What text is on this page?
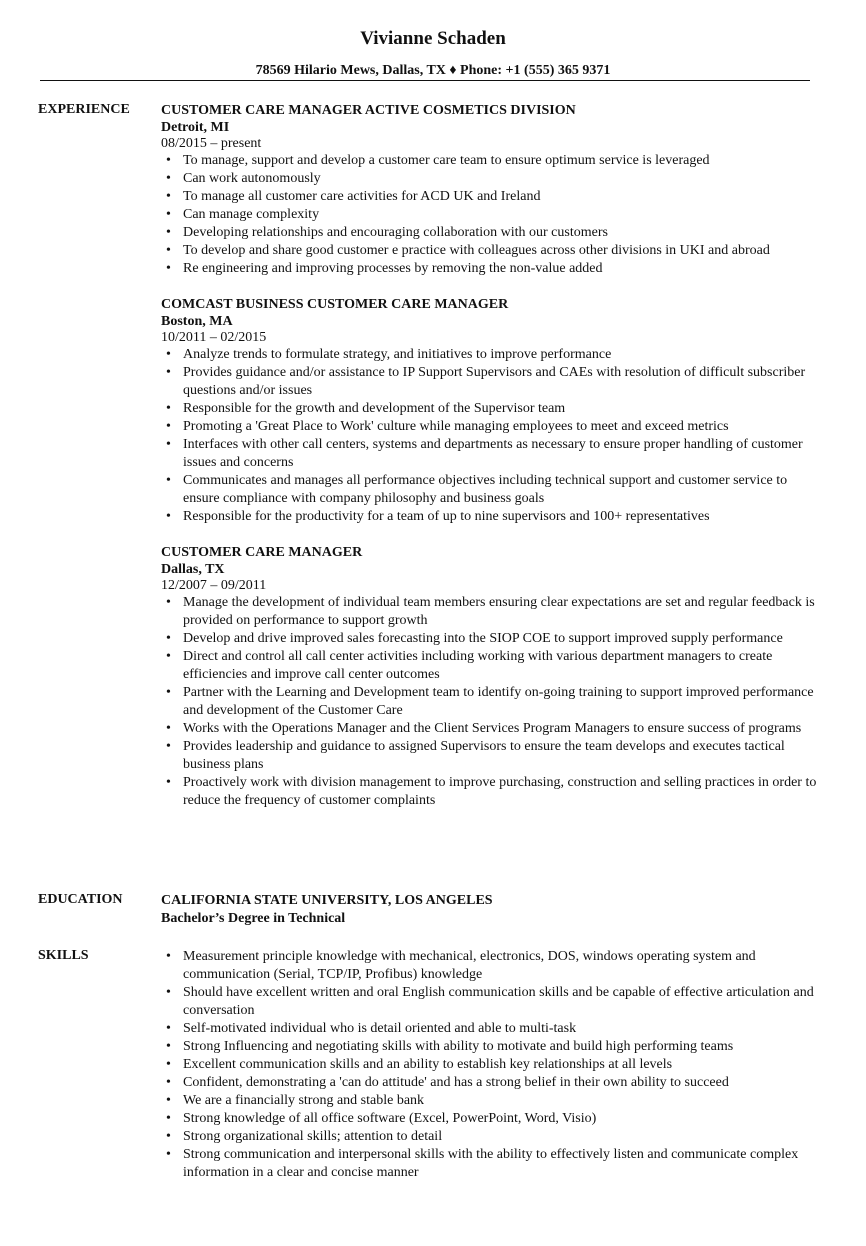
Vivianne Schaden
78569 Hilario Mews, Dallas, TX ♦ Phone: +1 (555) 365 9371
EXPERIENCE CUSTOMER CARE MANAGER ACTIVE COSMETICS DIVISION
Detroit, MI
08/2015 – present
• To manage, support and develop a customer care team to ensure optimum service is leveraged
• Can work autonomously
• To manage all customer care activities for ACD UK and Ireland
• Can manage complexity
• Developing relationships and encouraging collaboration with our customers
• To develop and share good customer e practice with colleagues across other divisions in UKI and abroad
• Re engineering and improving processes by removing the non-value added
COMCAST BUSINESS CUSTOMER CARE MANAGER
Boston, MA
10/2011 – 02/2015
• Analyze trends to formulate strategy, and initiatives to improve performance
• Provides guidance and/or assistance to IP Support Supervisors and CAEs with resolution of difficult subscriber questions and/or issues
• Responsible for the growth and development of the Supervisor team
• Promoting a 'Great Place to Work' culture while managing employees to meet and exceed metrics
• Interfaces with other call centers, systems and departments as necessary to ensure proper handling of customer issues and concerns
• Communicates and manages all performance objectives including technical support and customer service to ensure compliance with company philosophy and business goals
• Responsible for the productivity for a team of up to nine supervisors and 100+ representatives
CUSTOMER CARE MANAGER
Dallas, TX
12/2007 – 09/2011
• Manage the development of individual team members ensuring clear expectations are set and regular feedback is provided on performance to support growth
• Develop and drive improved sales forecasting into the SIOP COE to support improved supply performance
• Direct and control all call center activities including working with various department managers to create efficiencies and improve call center outcomes
• Partner with the Learning and Development team to identify on-going training to support improved performance and development of the Customer Care
• Works with the Operations Manager and the Client Services Program Managers to ensure success of programs
• Provides leadership and guidance to assigned Supervisors to ensure the team develops and executes tactical business plans
• Proactively work with division management to improve purchasing, construction and selling practices in order to reduce the frequency of customer complaints
EDUCATION	CALIFORNIA STATE UNIVERSITY, LOS ANGELES
Bachelor’s Degree in Technical
SKILLS
•	Measurement principle knowledge with mechanical, electronics, DOS, windows operating system and communication (Serial, TCP/IP, Profibus) knowledge
• Should have excellent written and oral English communication skills and be capable of effective articulation and conversation
• Self-motivated individual who is detail oriented and able to multi-task
• Strong Influencing and negotiating skills with ability to motivate and build high performing teams
• Excellent communication skills and an ability to establish key relationships at all levels
• Confident, demonstrating a 'can do attitude' and has a strong belief in their own ability to succeed
• We are a financially strong and stable bank
• Strong knowledge of all office software (Excel, PowerPoint, Word, Visio)
• Strong organizational skills; attention to detail
• Strong communication and interpersonal skills with the ability to effectively listen and communicate complex information in a clear and concise manner
